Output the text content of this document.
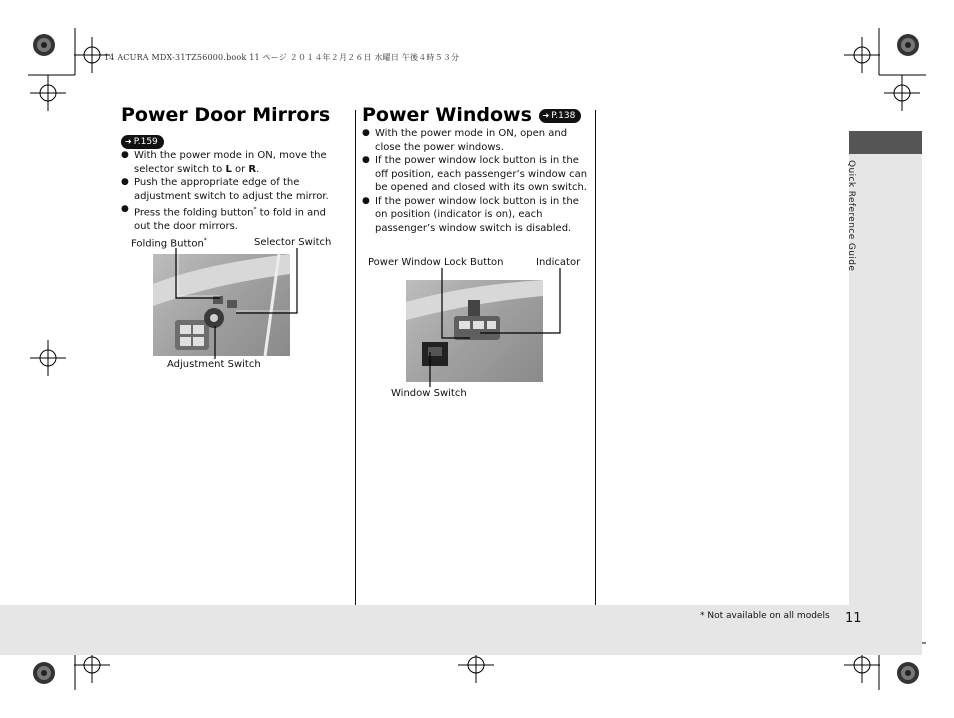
14 ACURA MDX-31TZ56000.book 11 ページ ２０１４年２月２６日 水曜日 午後４時５３分
Quick Reference Guide
Power Door Mirrors
➜ P.159
● With the power mode in ON, move the selector switch to L or R.
● Push the appropriate edge of the adjustment switch to adjust the mirror.
● Press the folding button* to fold in and out the door mirrors.
Folding Button*	Selector Switch
Adjustment Switch
Power Windows ➜ P.138
● With the power mode in ON, open and close the power windows.
● If the power window lock button is in the off position, each passenger’s window can be opened and closed with its own switch.
● If the power window lock button is in the on position (indicator is on), each passenger’s window switch is disabled.
Power Window Lock Button	Indicator
Window Switch
* Not available on all models 11
